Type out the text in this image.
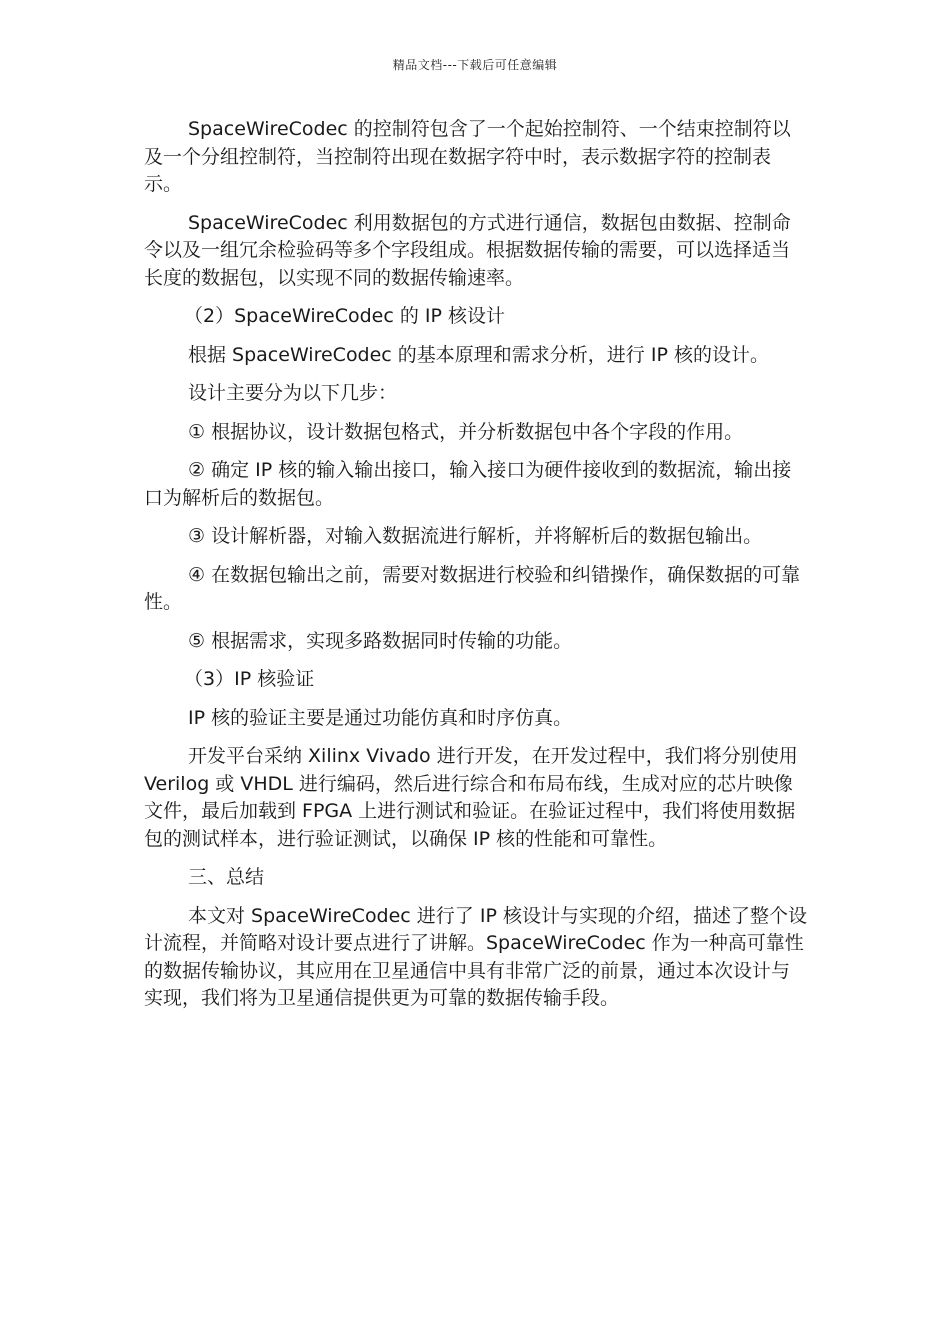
精品文档---下载后可任意编辑

SpaceWireCodec 的控制符包含了一个起始控制符、一个结束控制符以及一个分组控制符，当控制符出现在数据字符中时，表示数据字符的控制表示。

SpaceWireCodec 利用数据包的方式进行通信，数据包由数据、控制命令以及一组冗余检验码等多个字段组成。根据数据传输的需要，可以选择适当长度的数据包，以实现不同的数据传输速率。

（2）SpaceWireCodec 的 IP 核设计

根据 SpaceWireCodec 的基本原理和需求分析，进行 IP 核的设计。

设计主要分为以下几步：

① 根据协议，设计数据包格式，并分析数据包中各个字段的作用。

② 确定 IP 核的输入输出接口，输入接口为硬件接收到的数据流，输出接口为解析后的数据包。

③ 设计解析器，对输入数据流进行解析，并将解析后的数据包输出。

④ 在数据包输出之前，需要对数据进行校验和纠错操作，确保数据的可靠性。

⑤ 根据需求，实现多路数据同时传输的功能。

（3）IP 核验证

IP 核的验证主要是通过功能仿真和时序仿真。

开发平台采纳 Xilinx Vivado 进行开发，在开发过程中，我们将分别使用 Verilog 或 VHDL 进行编码，然后进行综合和布局布线，生成对应的芯片映像文件，最后加载到 FPGA 上进行测试和验证。在验证过程中，我们将使用数据包的测试样本，进行验证测试，以确保 IP 核的性能和可靠性。

三、总结

本文对 SpaceWireCodec 进行了 IP 核设计与实现的介绍，描述了整个设计流程，并简略对设计要点进行了讲解。SpaceWireCodec 作为一种高可靠性的数据传输协议，其应用在卫星通信中具有非常广泛的前景，通过本次设计与实现，我们将为卫星通信提供更为可靠的数据传输手段。
